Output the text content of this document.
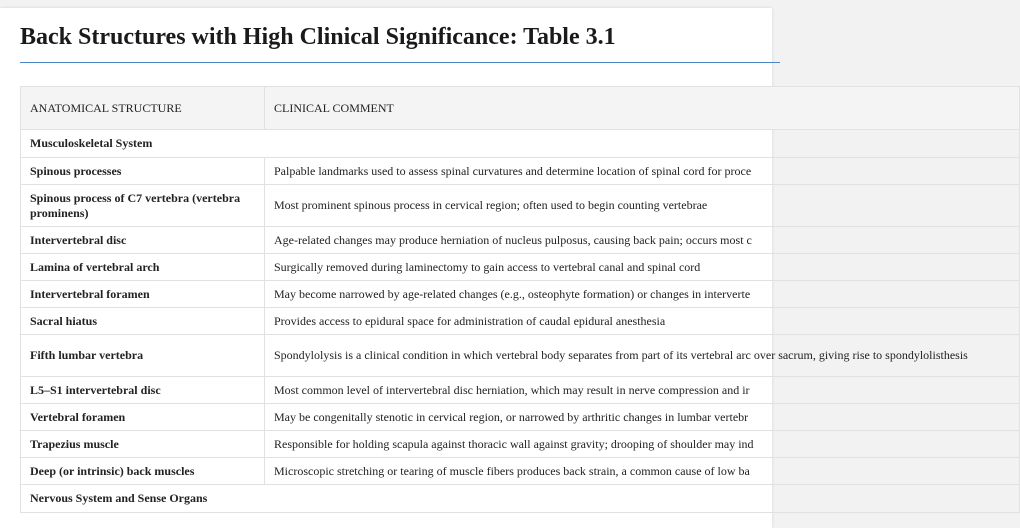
Back Structures with High Clinical Significance: Table 3.1
ANATOMICAL STRUCTURE	CLINICAL COMMENT
Musculoskeletal System	
Spinous processes	Palpable landmarks used to assess spinal curvatures and determine location of spinal cord for proce
Spinous process of C7 vertebra (vertebra prominens)	Most prominent spinous process in cervical region; often used to begin counting vertebrae
Intervertebral disc	Age-related changes may produce herniation of nucleus pulposus, causing back pain; occurs most c
Lamina of vertebral arch	Surgically removed during laminectomy to gain access to vertebral canal and spinal cord
Intervertebral foramen	May become narrowed by age-related changes (e.g., osteophyte formation) or changes in interverte
Sacral hiatus	Provides access to epidural space for administration of caudal epidural anesthesia
Fifth lumbar vertebra	Spondylolysis is a clinical condition in which vertebral body separates from part of its vertebral arc over sacrum, giving rise to spondylolisthesis
L5–S1 intervertebral disc	Most common level of intervertebral disc herniation, which may result in nerve compression and ir
Vertebral foramen	May be congenitally stenotic in cervical region, or narrowed by arthritic changes in lumbar vertebr
Trapezius muscle	Responsible for holding scapula against thoracic wall against gravity; drooping of shoulder may ind
Deep (or intrinsic) back muscles	Microscopic stretching or tearing of muscle fibers produces back strain, a common cause of low ba
Nervous System and Sense Organs	
